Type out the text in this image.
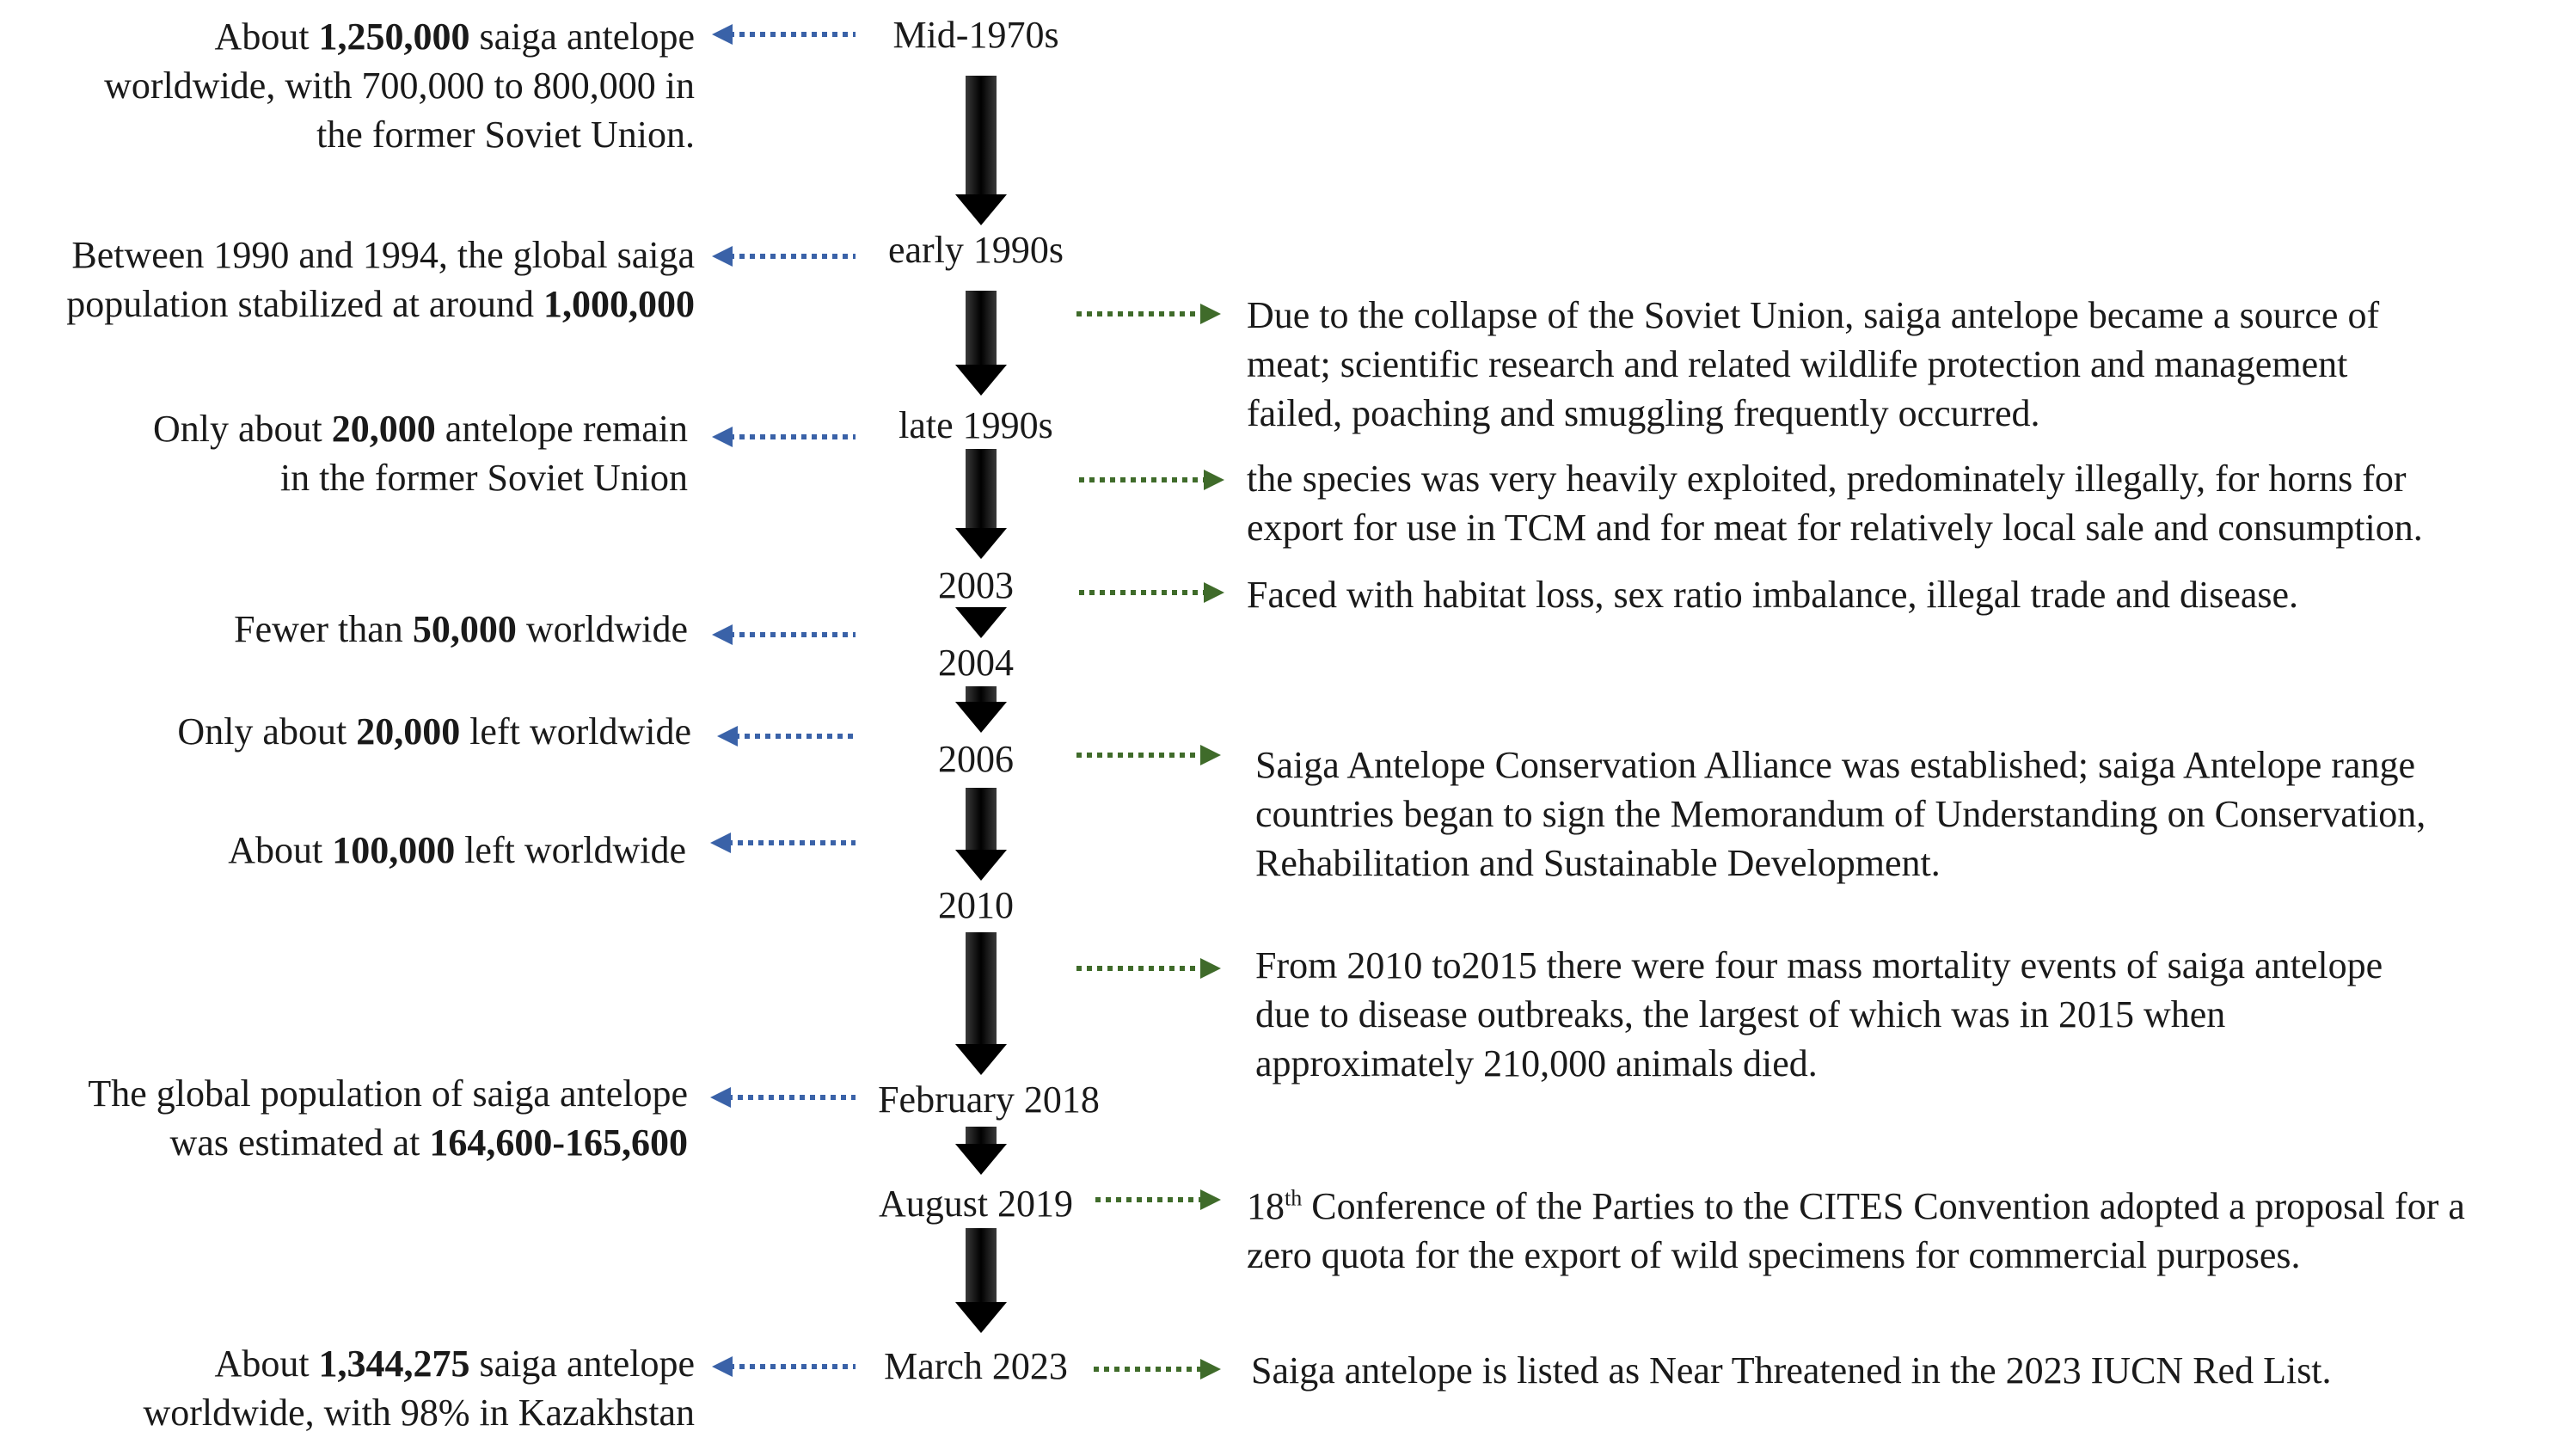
Mid-1970s
early 1990s
late 1990s
2003
2004
2006
2010
February 2018
August 2019
March 2023
About 1,250,000 saiga antelope
worldwide, with 700,000 to 800,000 in
the former Soviet Union.
Between 1990 and 1994, the global saiga
population stabilized at around 1,000,000
Only about 20,000 antelope remain
in the former Soviet Union
Fewer than 50,000 worldwide
Only about 20,000 left worldwide
About 100,000 left worldwide
The global population of saiga antelope
was estimated at 164,600-165,600
About 1,344,275 saiga antelope
worldwide, with 98% in Kazakhstan
Due to the collapse of the Soviet Union, saiga antelope became a source of
meat; scientific research and related wildlife protection and management
failed, poaching and smuggling frequently occurred.
the species was very heavily exploited, predominately illegally, for horns for
export for use in TCM and for meat for relatively local sale and consumption.
Faced with habitat loss, sex ratio imbalance, illegal trade and disease.
Saiga Antelope Conservation Alliance was established; saiga Antelope range
countries began to sign the Memorandum of Understanding on Conservation,
Rehabilitation and Sustainable Development.
From 2010 to2015 there were four mass mortality events of saiga antelope
due to disease outbreaks, the largest of which was in 2015 when
approximately 210,000 animals died.
18th Conference of the Parties to the CITES Convention adopted a proposal for a
zero quota for the export of wild specimens for commercial purposes.
Saiga antelope is listed as Near Threatened in the 2023 IUCN Red List.
